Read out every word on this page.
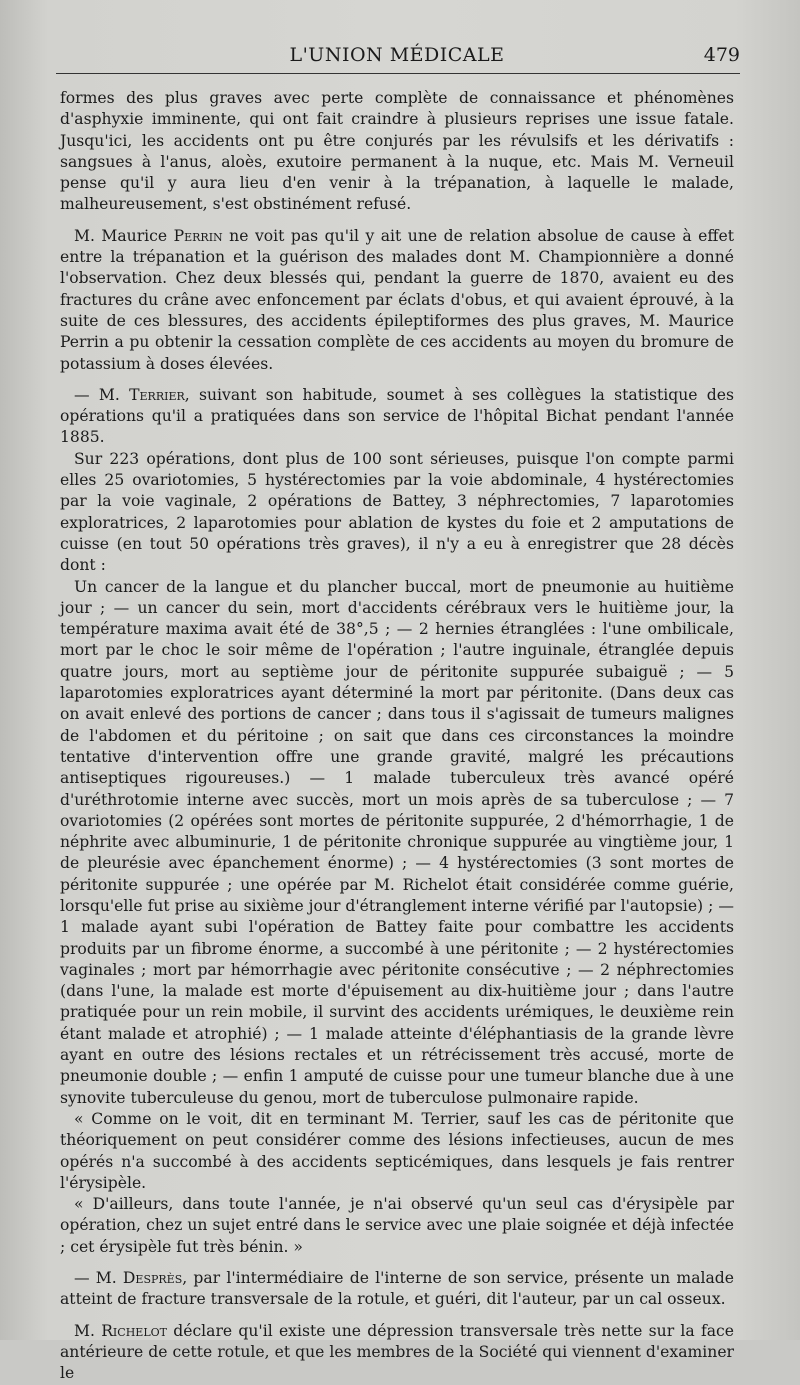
L'UNION MÉDICALE	479

formes des plus graves avec perte complète de connaissance et phénomènes d'asphyxie imminente, qui ont fait craindre à plusieurs reprises une issue fatale. Jusqu'ici, les accidents ont pu être conjurés par les révulsifs et les dérivatifs : sangsues à l'anus, aloès, exutoire permanent à la nuque, etc. Mais M. Verneuil pense qu'il y aura lieu d'en venir à la trépanation, à laquelle le malade, malheureusement, s'est obstinément refusé.

M. Maurice Perrin ne voit pas qu'il y ait une de relation absolue de cause à effet entre la trépanation et la guérison des malades dont M. Championnière a donné l'observation. Chez deux blessés qui, pendant la guerre de 1870, avaient eu des fractures du crâne avec enfoncement par éclats d'obus, et qui avaient éprouvé, à la suite de ces blessures, des accidents épileptiformes des plus graves, M. Maurice Perrin a pu obtenir la cessation complète de ces accidents au moyen du bromure de potassium à doses élevées.

— M. Terrier, suivant son habitude, soumet à ses collègues la statistique des opérations qu'il a pratiquées dans son service de l'hôpital Bichat pendant l'année 1885.

Sur 223 opérations, dont plus de 100 sont sérieuses, puisque l'on compte parmi elles 25 ovariotomies, 5 hystérectomies par la voie abdominale, 4 hystérectomies par la voie vaginale, 2 opérations de Battey, 3 néphrectomies, 7 laparotomies exploratrices, 2 laparotomies pour ablation de kystes du foie et 2 amputations de cuisse (en tout 50 opérations très graves), il n'y a eu à enregistrer que 28 décès dont :

Un cancer de la langue et du plancher buccal, mort de pneumonie au huitième jour ; — un cancer du sein, mort d'accidents cérébraux vers le huitième jour, la température maxima avait été de 38°,5 ; — 2 hernies étranglées : l'une ombilicale, mort par le choc le soir même de l'opération ; l'autre inguinale, étranglée depuis quatre jours, mort au septième jour de péritonite suppurée subaiguë ; — 5 laparotomies exploratrices ayant déterminé la mort par péritonite. (Dans deux cas on avait enlevé des portions de cancer ; dans tous il s'agissait de tumeurs malignes de l'abdomen et du péritoine ; on sait que dans ces circonstances la moindre tentative d'intervention offre une grande gravité, malgré les précautions antiseptiques rigoureuses.) — 1 malade tuberculeux très avancé opéré d'uréthrotomie interne avec succès, mort un mois après de sa tuberculose ; — 7 ovariotomies (2 opérées sont mortes de péritonite suppurée, 2 d'hémorrhagie, 1 de néphrite avec albuminurie, 1 de péritonite chronique suppurée au vingtième jour, 1 de pleurésie avec épanchement énorme) ; — 4 hystérectomies (3 sont mortes de péritonite suppurée ; une opérée par M. Richelot était considérée comme guérie, lorsqu'elle fut prise au sixième jour d'étranglement interne vérifié par l'autopsie) ; — 1 malade ayant subi l'opération de Battey faite pour combattre les accidents produits par un fibrome énorme, a succombé à une péritonite ; — 2 hystérectomies vaginales ; mort par hémorrhagie avec péritonite consécutive ; — 2 néphrectomies (dans l'une, la malade est morte d'épuisement au dix-huitième jour ; dans l'autre pratiquée pour un rein mobile, il survint des accidents urémiques, le deuxième rein étant malade et atrophié) ; — 1 malade atteinte d'éléphantiasis de la grande lèvre ayant en outre des lésions rectales et un rétrécissement très accusé, morte de pneumonie double ; — enfin 1 amputé de cuisse pour une tumeur blanche due à une synovite tuberculeuse du genou, mort de tuberculose pulmonaire rapide.

« Comme on le voit, dit en terminant M. Terrier, sauf les cas de péritonite que théoriquement on peut considérer comme des lésions infectieuses, aucun de mes opérés n'a succombé à des accidents septicémiques, dans lesquels je fais rentrer l'érysipèle.

« D'ailleurs, dans toute l'année, je n'ai observé qu'un seul cas d'érysipèle par opération, chez un sujet entré dans le service avec une plaie soignée et déjà infectée ; cet érysipèle fut très bénin. »

— M. Desprès, par l'intermédiaire de l'interne de son service, présente un malade atteint de fracture transversale de la rotule, et guéri, dit l'auteur, par un cal osseux.

M. Richelot déclare qu'il existe une dépression transversale très nette sur la face antérieure de cette rotule, et que les membres de la Société qui viennent d'examiner le
